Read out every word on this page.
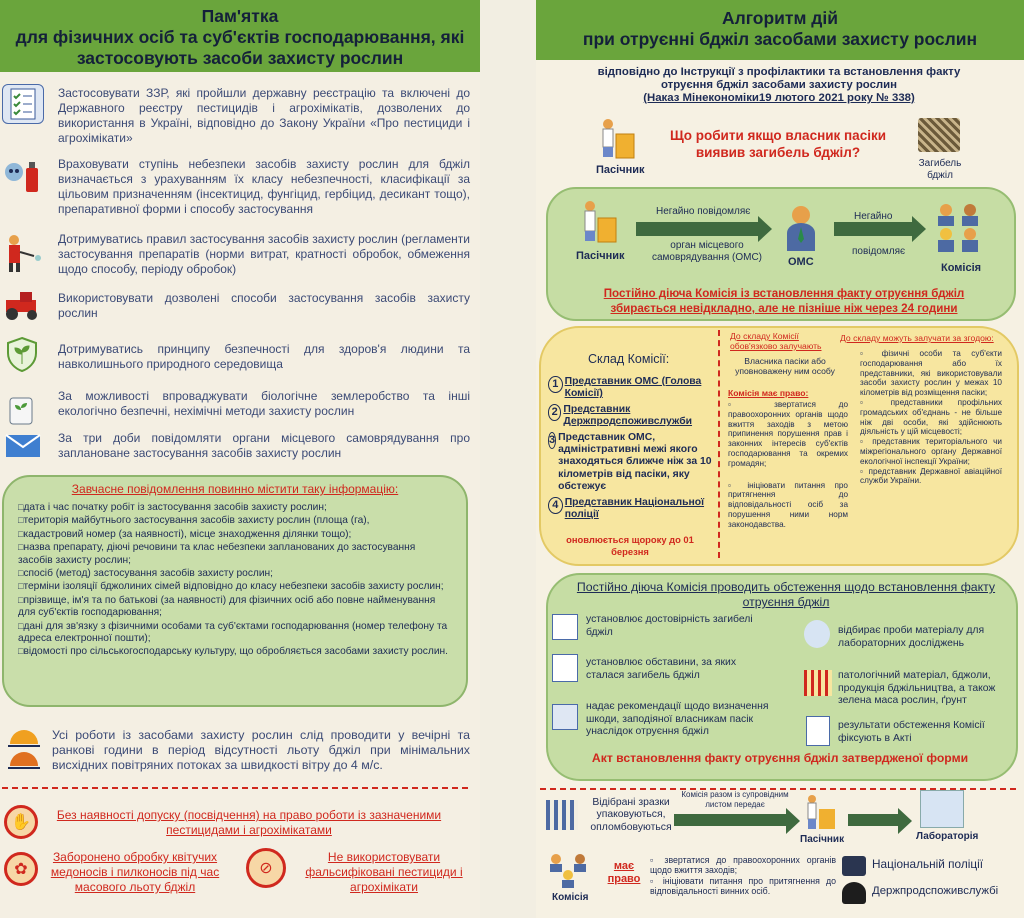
Пам'ятка
для фізичних осіб та суб'єктів господарювання, які
застосовують засоби захисту рослин
Застосовувати ЗЗР, які пройшли державну реєстрацію та включені до Державного реєстру пестицидів і агрохімікатів, дозволених до використання в Україні, відповідно до Закону України «Про пестициди і агрохімікати»
Враховувати ступінь небезпеки засобів захисту рослин для бджіл визначається з урахуванням їх класу небезпечності, класифікації за цільовим призначенням (інсектицид, фунгіцид, гербіцид, десикант тощо), препаративної форми і способу застосування
Дотримуватись правил застосування засобів захисту рослин (регламенти застосування препаратів (норми витрат, кратності обробок, обмеження щодо способу, періоду обробок)
Використовувати дозволені способи застосування засобів захисту рослин
Дотримуватись принципу безпечності для здоров'я людини та навколишнього природного середовища
За можливості впроваджувати біологічне землеробство та інші екологічно безпечні, нехімічні методи захисту рослин
За три доби повідомляти органи місцевого самоврядування про заплановане застосування засобів захисту рослин
Завчасне повідомлення повинно містити таку інформацію:
□ дата і час початку робіт із застосування засобів захисту рослин;
□ територія майбутнього застосування засобів захисту рослин (площа (га),
□ кадастровий номер (за наявності), місце знаходження ділянки тощо);
□ назва препарату, діючі речовини та клас небезпеки запланованих до застосування засобів захисту рослин;
□ спосіб (метод) застосування засобів захисту рослин;
□ терміни ізоляції бджолиних сімей відповідно до класу небезпеки засобів захисту рослин;
□ прізвище, ім'я та по батькові (за наявності) для фізичних осіб або повне найменування для суб'єктів господарювання;
□ дані для зв'язку з фізичними особами та суб'єктами господарювання (номер телефону та адреса електронної пошти);
□ відомості про сільськогосподарську культуру, що обробляється засобами захисту рослин.
Усі роботи із засобами захисту рослин слід проводити у вечірні та ранкові години в період відсутності льоту бджіл при мінімальних висхідних повітряних потоках за швидкості вітру до 4 м/с.
✋	Без наявності допуску (посвідчення) на право роботи із зазначеними пестицидами і агрохімікатами
✿
Заборонено обробку квітучих медоносів і пилконосів під час масового льоту бджіл
⊘
Не використовувати фальсифіковані пестициди і агрохімікати
Алгоритм дій
при отруєнні бджіл засобами захисту рослин
відповідно до Інструкції з профілактики та встановлення факту
отруєння бджіл засобами захисту рослин
(Наказ Мінекономіки19 лютого 2021 року № 338)
Пасічник
Що робити якщо власник пасіки виявив загибель бджіл?
Загибель бджіл
Пасічник
Негайно повідомляє
орган місцевого самоврядування (ОМС)	ОМС
Негайно
повідомляє
Комісія
Постійно діюча Комісія із встановлення факту отруєння бджіл збирається невідкладно, але не пізніше ніж через 24 години
Склад Комісії:
1 Представник ОМС (Голова Комісії)
2 Представник Держпродспоживслужби
3 Представник ОМС, адміністративні межі якого знаходяться ближче ніж за 10 кілометрів від пасіки, яку обстежує
4 Представник Національної поліції
оновлюється щороку до 01 березня
До складу Комісії обов'язково залучають
Власника пасіки або уповноважену ним особу
Комісія має право:
▫ звертатися до правоохоронних органів щодо вжиття заходів з метою припинення порушення прав і законних інтересів суб'єктів господарювання та окремих громадян;
▫ ініціювати питання про притягнення до відповідальності осіб за порушення ними норм законодавства.
До складу можуть залучати за згодою:
▫ фізичні особи та суб'єкти господарювання або їх представники, які використовували засоби захисту рослин у межах 10 кілометрів від розміщення пасіки;
▫ представники профільних громадських об'єднань - не більше ніж дві особи, які здійснюють діяльність у цій місцевості;
▫ представник територіального чи міжрегіонального органу Державної екологічної інспекції України;
▫ представник Державної авіаційної служби України.
Постійно діюча Комісія проводить обстеження щодо встановлення факту отруєння бджіл
установлює достовірність загибелі бджіл
установлює обставини, за яких сталася загибель бджіл
надає рекомендації щодо визначення шкоди, заподіяної власникам пасік унаслідок отруєння бджіл
відбирає проби матеріалу для лабораторних досліджень
патологічний матеріал, бджоли, продукція бджільництва, а також зелена маса рослин, ґрунт
результати обстеження Комісії фіксують в Акті
Акт встановлення факту отруєння бджіл затвердженої форми
Відібрані зразки упаковуються, опломбовуються
Комісія разом із супровідним листом передає
Пасічник	Лабораторія
Комісія
має право
▫ звертатися до правоохоронних органів щодо вжиття заходів;
▫ ініціювати питання про притягнення до відповідальності винних осіб.
Національній поліції
Держпродспоживслужбі
